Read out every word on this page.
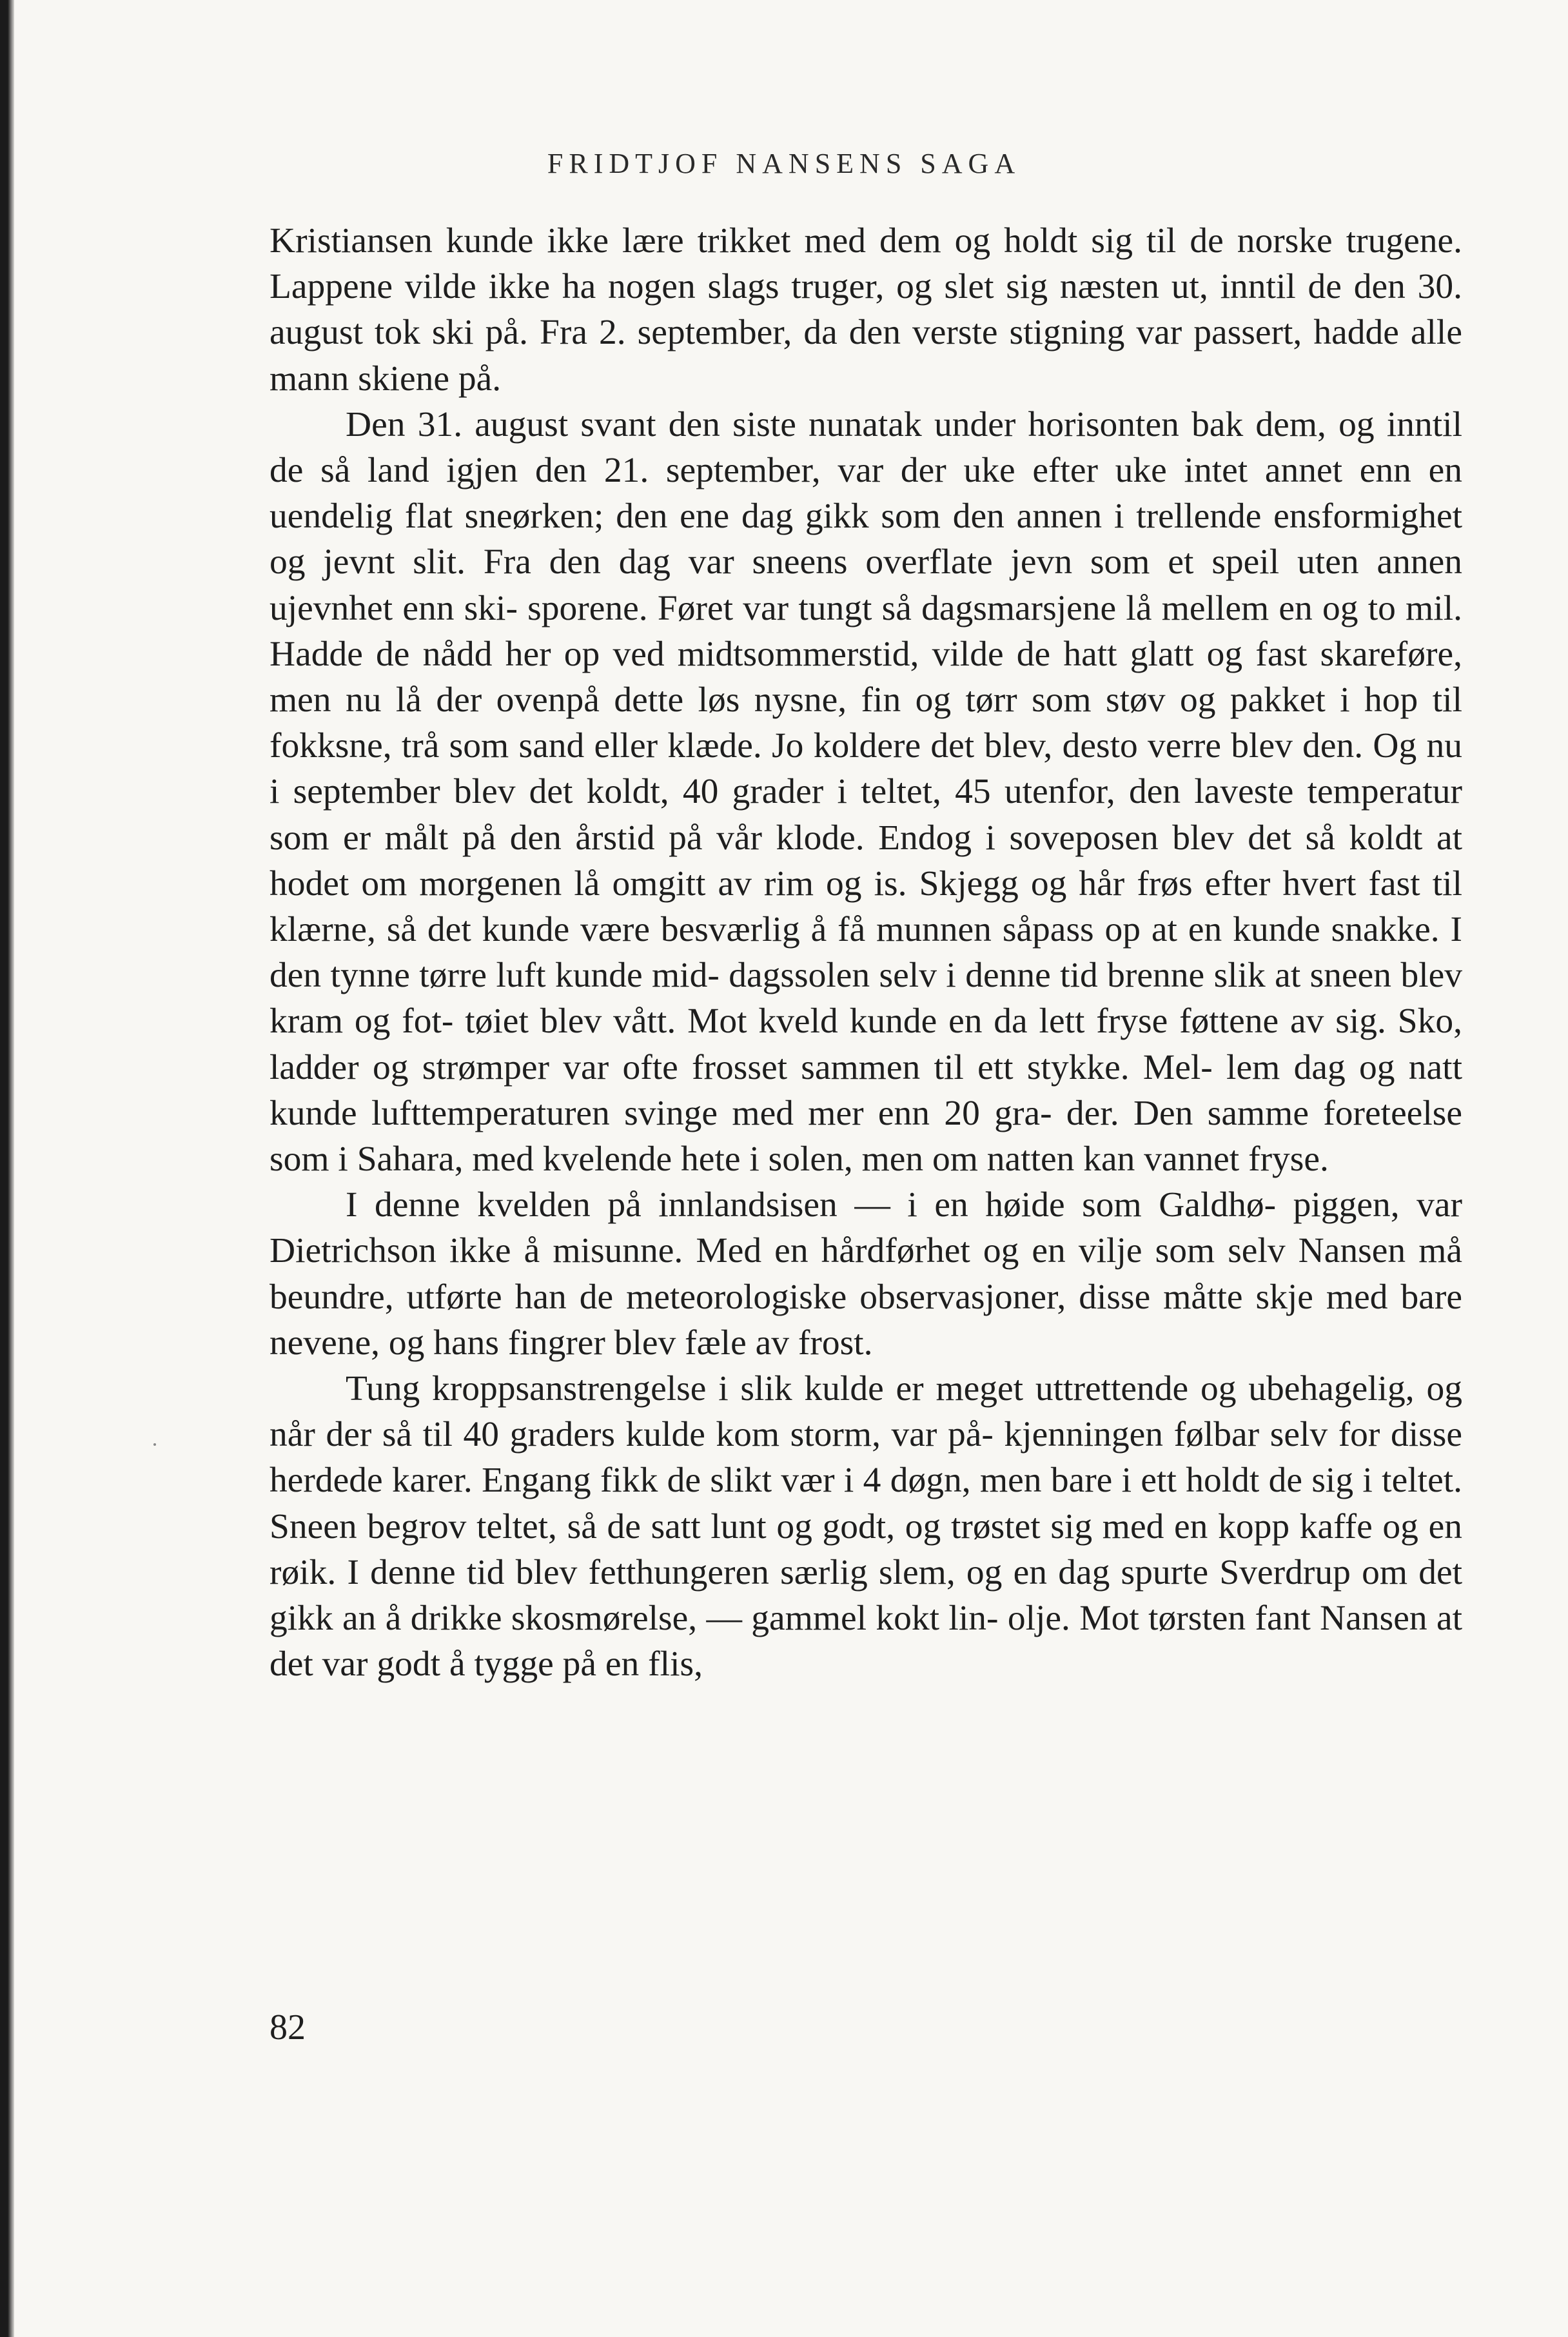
FRIDTJOF NANSENS SAGA

Kristiansen kunde ikke lære trikket med dem og holdt sig til de norske trugene. Lappene vilde ikke ha nogen slags truger, og slet sig næsten ut, inntil de den 30. august tok ski på. Fra 2. september, da den verste stigning var passert, hadde alle mann skiene på.

Den 31. august svant den siste nunatak under horisonten bak dem, og inntil de så land igjen den 21. september, var der uke efter uke intet annet enn en uendelig flat sneørken; den ene dag gikk som den annen i trellende ensformighet og jevnt slit. Fra den dag var sneens overflate jevn som et speil uten annen ujevnhet enn ski- sporene. Føret var tungt så dagsmarsjene lå mellem en og to mil. Hadde de nådd her op ved midtsommerstid, vilde de hatt glatt og fast skareføre, men nu lå der ovenpå dette løs nysne, fin og tørr som støv og pakket i hop til fokksne, trå som sand eller klæde. Jo koldere det blev, desto verre blev den. Og nu i september blev det koldt, 40 grader i teltet, 45 utenfor, den laveste temperatur som er målt på den årstid på vår klode. Endog i soveposen blev det så koldt at hodet om morgenen lå omgitt av rim og is. Skjegg og hår frøs efter hvert fast til klærne, så det kunde være besværlig å få munnen såpass op at en kunde snakke. I den tynne tørre luft kunde mid- dagssolen selv i denne tid brenne slik at sneen blev kram og fot- tøiet blev vått. Mot kveld kunde en da lett fryse føttene av sig. Sko, ladder og strømper var ofte frosset sammen til ett stykke. Mel- lem dag og natt kunde lufttemperaturen svinge med mer enn 20 gra- der. Den samme foreteelse som i Sahara, med kvelende hete i solen, men om natten kan vannet fryse.

I denne kvelden på innlandsisen — i en høide som Galdhø- piggen, var Dietrichson ikke å misunne. Med en hårdførhet og en vilje som selv Nansen må beundre, utførte han de meteorologiske observasjoner, disse måtte skje med bare nevene, og hans fingrer blev fæle av frost.

Tung kroppsanstrengelse i slik kulde er meget uttrettende og ubehagelig, og når der så til 40 graders kulde kom storm, var på- kjenningen følbar selv for disse herdede karer. Engang fikk de slikt vær i 4 døgn, men bare i ett holdt de sig i teltet. Sneen begrov teltet, så de satt lunt og godt, og trøstet sig med en kopp kaffe og en røik. I denne tid blev fetthungeren særlig slem, og en dag spurte Sverdrup om det gikk an å drikke skosmørelse, — gammel kokt lin- olje. Mot tørsten fant Nansen at det var godt å tygge på en flis,

82
